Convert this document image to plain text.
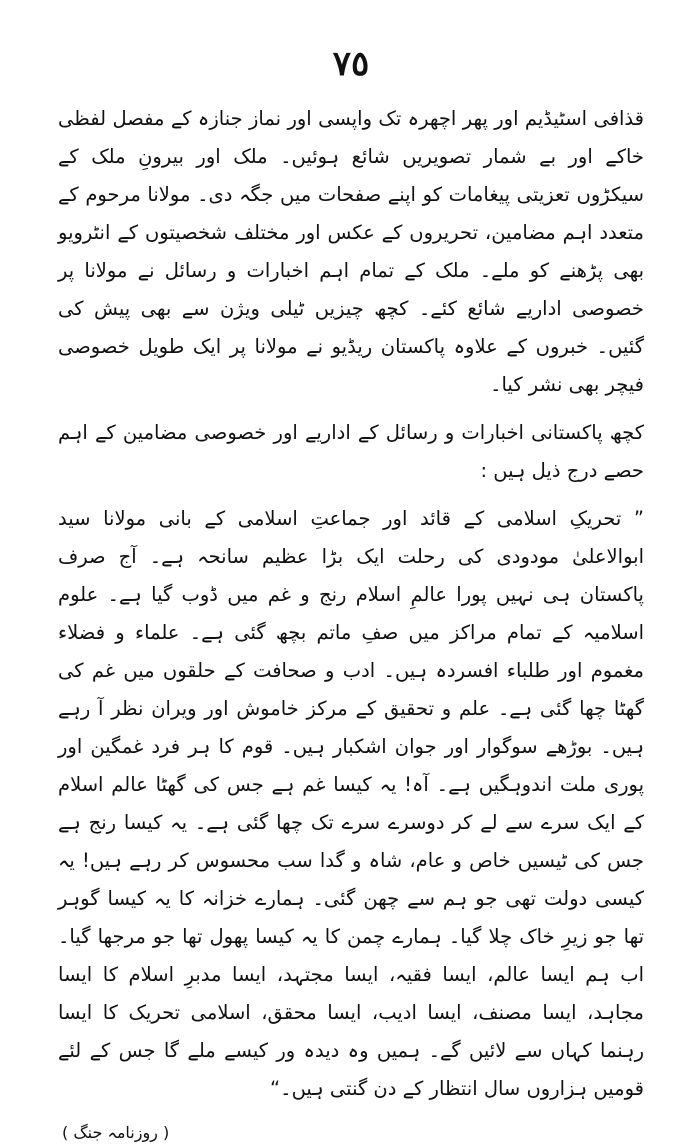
٧٥

قذافی اسٹیڈیم اور پھر اچھرہ تک واپسی اور نماز جنازہ کے مفصل لفظی خاکے اور بے شمار تصویریں شائع ہوئیں۔ ملک اور بیرونِ ملک کے سیکڑوں تعزیتی پیغامات کو اپنے صفحات میں جگہ دی۔ مولانا مرحوم کے متعدد اہم مضامین، تحریروں کے عکس اور مختلف شخصیتوں کے انٹرویو بھی پڑھنے کو ملے۔ ملک کے تمام اہم اخبارات و رسائل نے مولانا پر خصوصی اداریے شائع کئے۔ کچھ چیزیں ٹیلی ویژن سے بھی پیش کی گئیں۔ خبروں کے علاوہ پاکستان ریڈیو نے مولانا پر ایک طویل خصوصی فیچر بھی نشر کیا۔

کچھ پاکستانی اخبارات و رسائل کے اداریے اور خصوصی مضامین کے اہم حصے درج ذیل ہیں :

” تحریکِ اسلامی کے قائد اور جماعتِ اسلامی کے بانی مولانا سید ابوالاعلیٰ مودودی کی رحلت ایک بڑا عظیم سانحہ ہے۔ آج صرف پاکستان ہی نہیں پورا عالمِ اسلام رنج و غم میں ڈوب گیا ہے۔ علوم اسلامیہ کے تمام مراکز میں صفِ ماتم بچھ گئی ہے۔ علماء و فضلاء مغموم اور طلباء افسردہ ہیں۔ ادب و صحافت کے حلقوں میں غم کی گھٹا چھا گئی ہے۔ علم و تحقیق کے مرکز خاموش اور ویران نظر آ رہے ہیں۔ بوڑھے سوگوار اور جوان اشکبار ہیں۔ قوم کا ہر فرد غمگین اور پوری ملت اندوہگیں ہے۔ آہ! یہ کیسا غم ہے جس کی گھٹا عالم اسلام کے ایک سرے سے لے کر دوسرے سرے تک چھا گئی ہے۔ یہ کیسا رنج ہے جس کی ٹیسیں خاص و عام، شاہ و گدا سب محسوس کر رہے ہیں! یہ کیسی دولت تھی جو ہم سے چھن گئی۔ ہمارے خزانہ کا یہ کیسا گوہر تھا جو زیرِ خاک چلا گیا۔ ہمارے چمن کا یہ کیسا پھول تھا جو مرجھا گیا۔ اب ہم ایسا عالم، ایسا فقیہ، ایسا مجتہد، ایسا مدبرِ اسلام کا ایسا مجاہد، ایسا مصنف، ایسا ادیب، ایسا محقق، اسلامی تحریک کا ایسا رہنما کہاں سے لائیں گے۔ ہمیں وہ دیدہ ور کیسے ملے گا جس کے لئے قومیں ہزاروں سال انتظار کے دن گنتی ہیں۔“

( روزنامہ جنگ )
